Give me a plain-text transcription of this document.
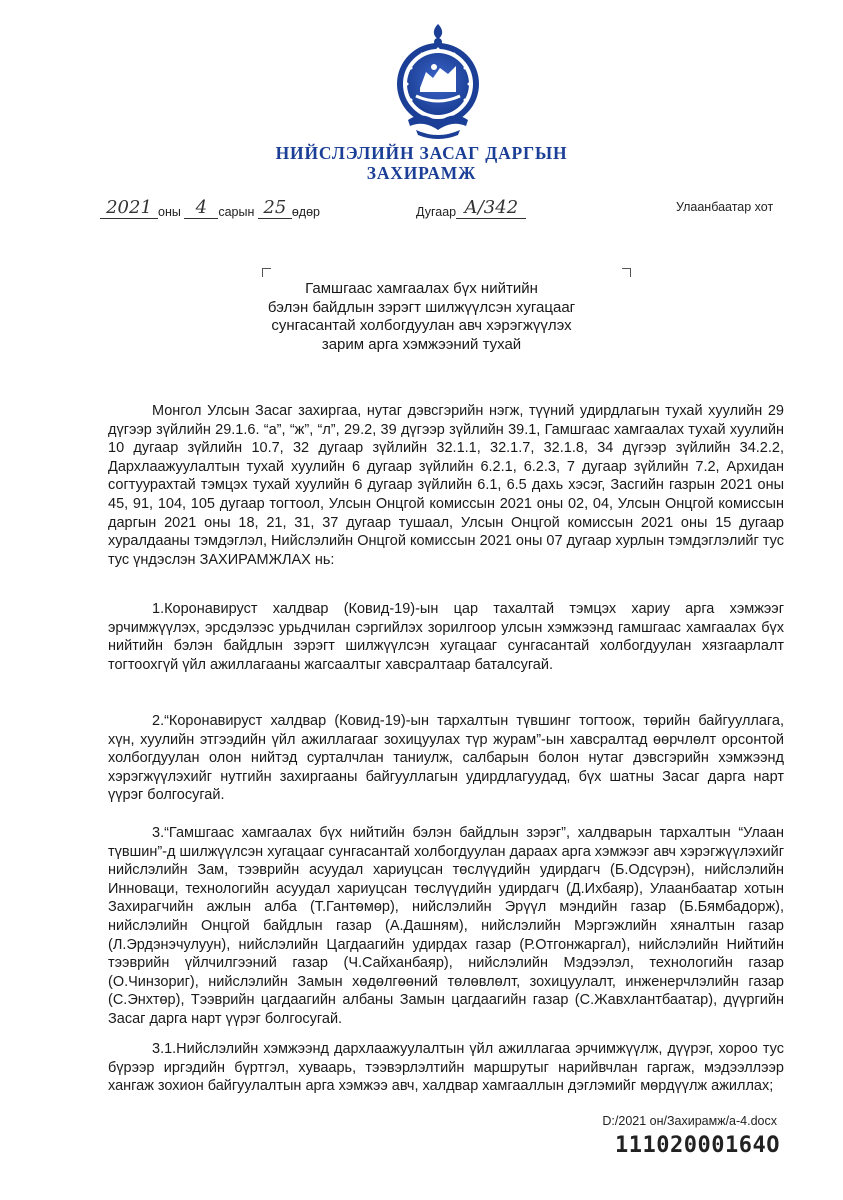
НИЙСЛЭЛИЙН ЗАСАГ ДАРГЫН
ЗАХИРАМЖ
2021 оны 4 сарын 25 өдөр	Дугаар А/342	Улаанбаатар хот
Гамшгаас хамгаалах бүх нийтийн
бэлэн байдлын зэрэгт шилжүүлсэн хугацааг
сунгасантай холбогдуулан авч хэрэгжүүлэх
зарим арга хэмжээний тухай

Монгол Улсын Засаг захиргаа, нутаг дэвсгэрийн нэгж, түүний удирдлагын тухай хуулийн 29 дүгээр зүйлийн 29.1.6. “а”, “ж”, “л”, 29.2, 39 дүгээр зүйлийн 39.1, Гамшгаас хамгаалах тухай хуулийн 10 дугаар зүйлийн 10.7, 32 дугаар зүйлийн 32.1.1, 32.1.7, 32.1.8, 34 дүгээр зүйлийн 34.2.2, Дархлаажуулалтын тухай хуулийн 6 дугаар зүйлийн 6.2.1, 6.2.3, 7 дугаар зүйлийн 7.2, Архидан согтуурахтай тэмцэх тухай хуулийн 6 дугаар зүйлийн 6.1, 6.5 дахь хэсэг, Засгийн газрын 2021 оны 45, 91, 104, 105 дугаар тогтоол, Улсын Онцгой комиссын 2021 оны 02, 04, Улсын Онцгой комиссын даргын 2021 оны 18, 21, 31, 37 дугаар тушаал, Улсын Онцгой комиссын 2021 оны 15 дугаар хуралдааны тэмдэглэл, Нийслэлийн Онцгой комиссын 2021 оны 07 дугаар хурлын тэмдэглэлийг тус тус үндэслэн ЗАХИРАМЖЛАХ нь:

1.Коронавируст халдвар (Ковид-19)-ын цар тахалтай тэмцэх хариу арга хэмжээг эрчимжүүлэх, эрсдэлээс урьдчилан сэргийлэх зорилгоор улсын хэмжээнд гамшгаас хамгаалах бүх нийтийн бэлэн байдлын зэрэгт шилжүүлсэн хугацааг сунгасантай холбогдуулан хязгаарлалт тогтоохгүй үйл ажиллагааны жагсаалтыг хавсралтаар баталсугай.

2.“Коронавируст халдвар (Ковид-19)-ын тархалтын түвшинг тогтоож, төрийн байгууллага, хүн, хуулийн этгээдийн үйл ажиллагааг зохицуулах түр журам”-ын хавсралтад өөрчлөлт орсонтой холбогдуулан олон нийтэд сурталчлан таниулж, салбарын болон нутаг дэвсгэрийн хэмжээнд хэрэгжүүлэхийг нутгийн захиргааны байгууллагын удирдлагуудад, бүх шатны Засаг дарга нарт үүрэг болгосугай.

3.“Гамшгаас хамгаалах бүх нийтийн бэлэн байдлын зэрэг”, халдварын тархалтын “Улаан түвшин”-д шилжүүлсэн хугацааг сунгасантай холбогдуулан дараах арга хэмжээг авч хэрэгжүүлэхийг нийслэлийн Зам, тээврийн асуудал хариуцсан төслүүдийн удирдагч (Б.Одсүрэн), нийслэлийн Инноваци, технологийн асуудал хариуцсан төслүүдийн удирдагч (Д.Ихбаяр), Улаанбаатар хотын Захирагчийн ажлын алба (Т.Гантөмөр), нийслэлийн Эрүүл мэндийн газар (Б.Бямбадорж), нийслэлийн Онцгой байдлын газар (А.Дашням), нийслэлийн Мэргэжлийн хяналтын газар (Л.Эрдэнэчулуун), нийслэлийн Цагдаагийн удирдах газар (Р.Отгонжаргал), нийслэлийн Нийтийн тээврийн үйлчилгээний газар (Ч.Сайханбаяр), нийслэлийн Мэдээлэл, технологийн газар (О.Чинзориг), нийслэлийн Замын хөдөлгөөний төлөвлөлт, зохицуулалт, инженерчлэлийн газар (С.Энхтөр), Тээврийн цагдаагийн албаны Замын цагдаагийн газар (С.Жавхлантбаатар), дүүргийн Засаг дарга нарт үүрэг болгосугай.

3.1.Нийслэлийн хэмжээнд дархлаажуулалтын үйл ажиллагаа эрчимжүүлж, дүүрэг, хороо тус бүрээр иргэдийн бүртгэл, хуваарь, тээвэрлэлтийн маршрутыг нарийвчлан гаргаж, мэдээллээр хангаж зохион байгуулалтын арга хэмжээ авч, халдвар хамгааллын дэглэмийг мөрдүүлж ажиллах;

D:/2021 он/Захирамж/а-4.docx
11102000164О
